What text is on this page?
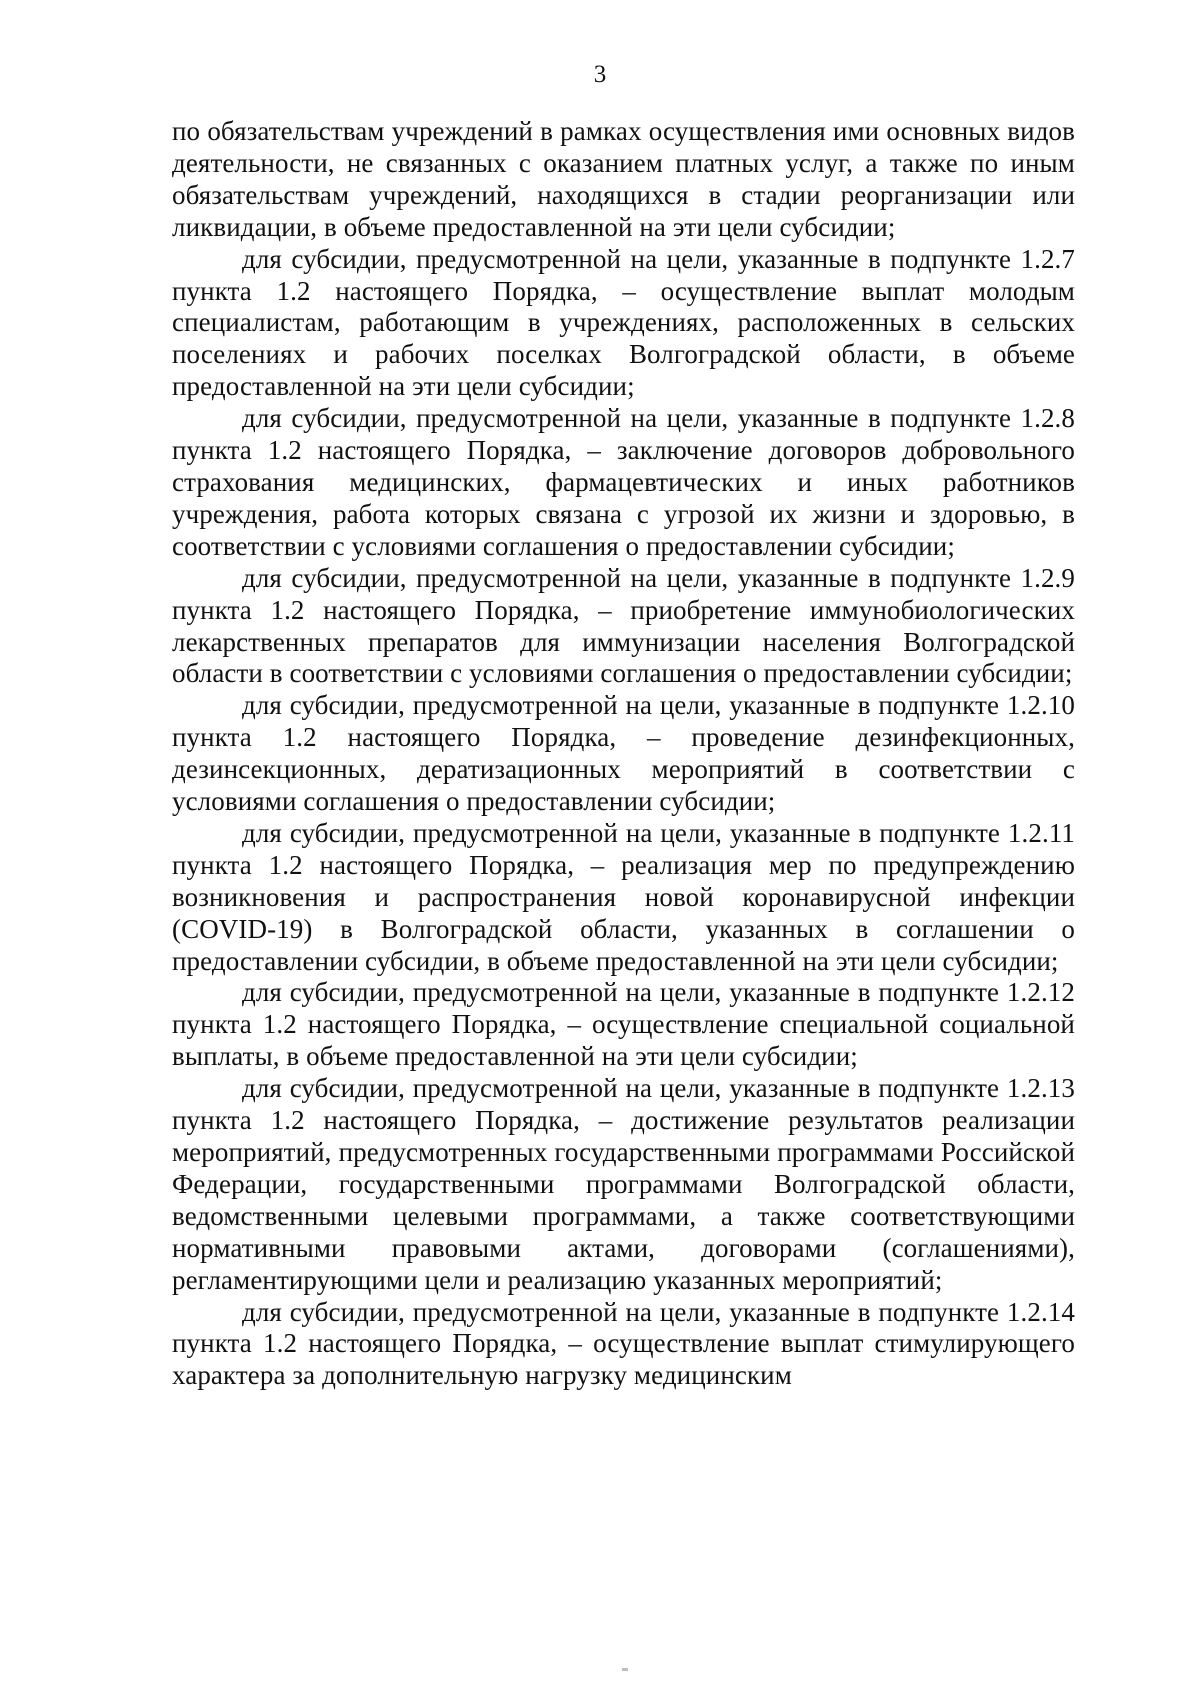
3

по обязательствам учреждений в рамках осуществления ими основных видов деятельности, не связанных с оказанием платных услуг, а также по иным обязательствам учреждений, находящихся в стадии реорганизации или ликвидации, в объеме предоставленной на эти цели субсидии;

для субсидии, предусмотренной на цели, указанные в подпункте 1.2.7 пункта 1.2 настоящего Порядка, – осуществление выплат молодым специалистам, работающим в учреждениях, расположенных в сельских поселениях и рабочих поселках Волгоградской области, в объеме предоставленной на эти цели субсидии;

для субсидии, предусмотренной на цели, указанные в подпункте 1.2.8 пункта 1.2 настоящего Порядка, – заключение договоров добровольного страхования медицинских, фармацевтических и иных работников учреждения, работа которых связана с угрозой их жизни и здоровью, в соответствии с условиями соглашения о предоставлении субсидии;

для субсидии, предусмотренной на цели, указанные в подпункте 1.2.9 пункта 1.2 настоящего Порядка, – приобретение иммунобиологических лекарственных препаратов для иммунизации населения Волгоградской области в соответствии с условиями соглашения о предоставлении субсидии;

для субсидии, предусмотренной на цели, указанные в подпункте 1.2.10 пункта 1.2 настоящего Порядка, – проведение дезинфекционных, дезинсекционных, дератизационных мероприятий в соответствии с условиями соглашения о предоставлении субсидии;

для субсидии, предусмотренной на цели, указанные в подпункте 1.2.11 пункта 1.2 настоящего Порядка, – реализация мер по предупреждению возникновения и распространения новой коронавирусной инфекции (COVID-19) в Волгоградской области, указанных в соглашении о предоставлении субсидии, в объеме предоставленной на эти цели субсидии;

для субсидии, предусмотренной на цели, указанные в подпункте 1.2.12 пункта 1.2 настоящего Порядка, – осуществление специальной социальной выплаты, в объеме предоставленной на эти цели субсидии;

для субсидии, предусмотренной на цели, указанные в подпункте 1.2.13 пункта 1.2 настоящего Порядка, – достижение результатов реализации мероприятий, предусмотренных государственными программами Российской Федерации, государственными программами Волгоградской области, ведомственными целевыми программами, а также соответствующими нормативными правовыми актами, договорами (соглашениями), регламентирующими цели и реализацию указанных мероприятий;

для субсидии, предусмотренной на цели, указанные в подпункте 1.2.14 пункта 1.2 настоящего Порядка, – осуществление выплат стимулирующего характера за дополнительную нагрузку медицинским
